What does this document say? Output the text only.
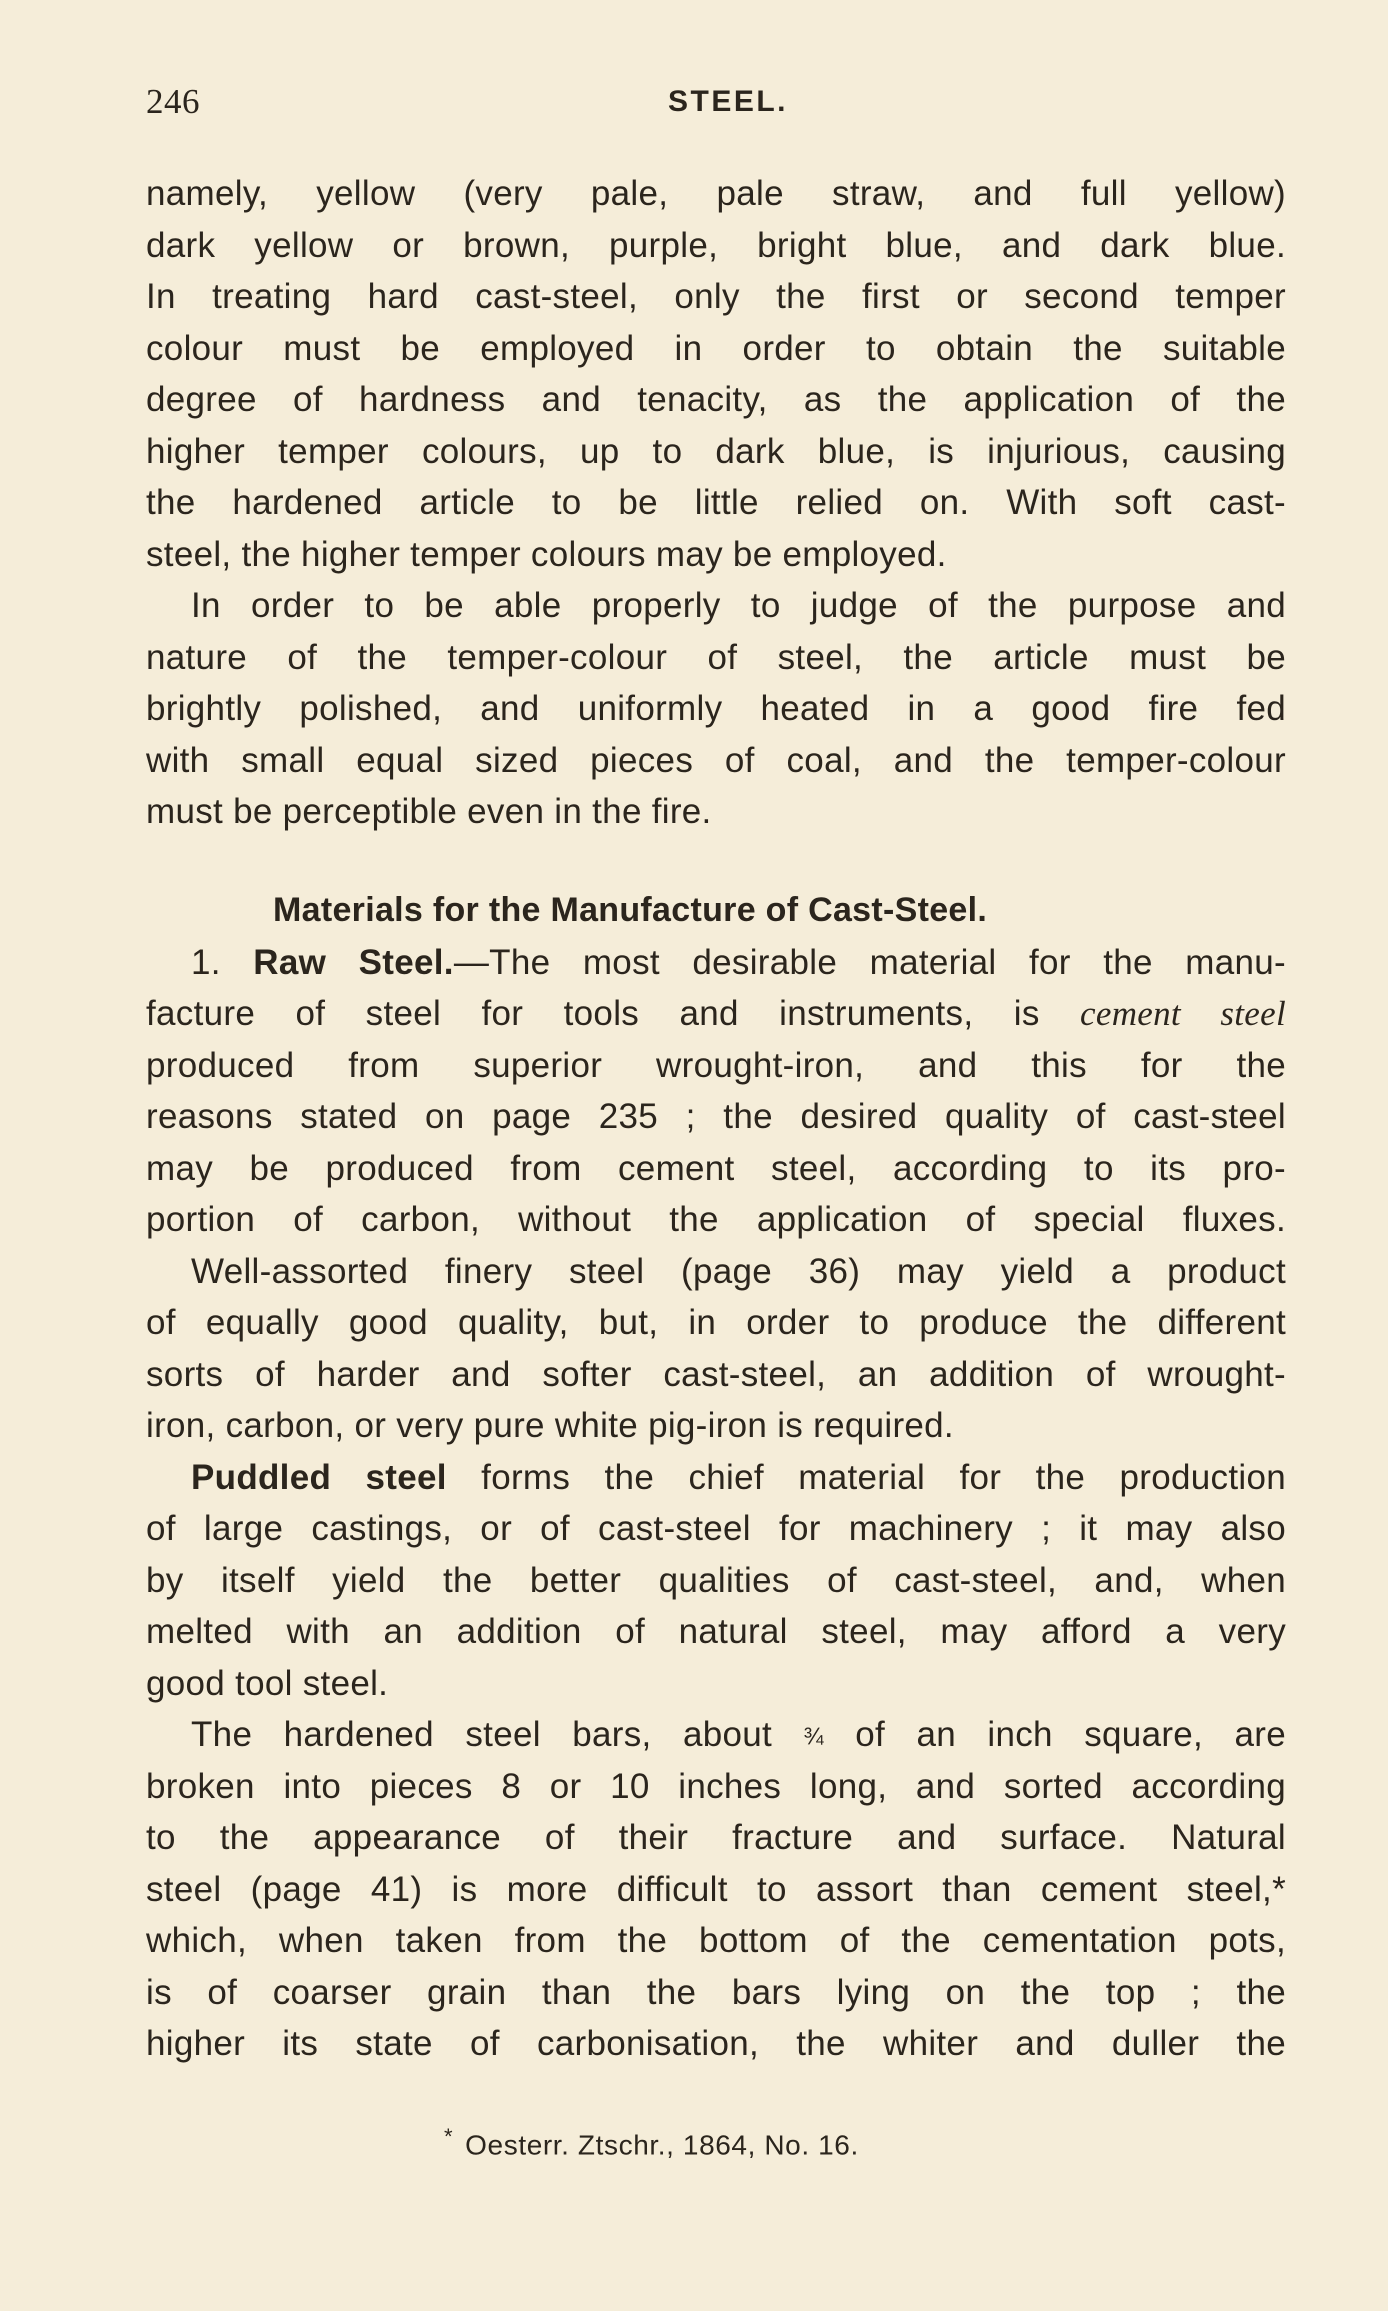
246	STEEL.
namely, yellow (very pale, pale straw, and full yellow)
dark yellow or brown, purple, bright blue, and dark blue.
In treating hard cast-steel, only the first or second temper
colour must be employed in order to obtain the suitable
degree of hardness and tenacity, as the application of the
higher temper colours, up to dark blue, is injurious, causing
the hardened article to be little relied on. With soft cast-
steel, the higher temper colours may be employed.
In order to be able properly to judge of the purpose and
nature of the temper-colour of steel, the article must be
brightly polished, and uniformly heated in a good fire fed
with small equal sized pieces of coal, and the temper-colour
must be perceptible even in the fire.
Materials for the Manufacture of Cast-Steel.
1. Raw Steel.—The most desirable material for the manu-
facture of steel for tools and instruments, is cement steel
produced from superior wrought-iron, and this for the
reasons stated on page 235 ; the desired quality of cast-steel
may be produced from cement steel, according to its pro-
portion of carbon, without the application of special fluxes.
Well-assorted finery steel (page 36) may yield a product
of equally good quality, but, in order to produce the different
sorts of harder and softer cast-steel, an addition of wrought-
iron, carbon, or very pure white pig-iron is required.
Puddled steel forms the chief material for the production
of large castings, or of cast-steel for machinery ; it may also
by itself yield the better qualities of cast-steel, and, when
melted with an addition of natural steel, may afford a very
good tool steel.
The hardened steel bars, about ¾ of an inch square, are
broken into pieces 8 or 10 inches long, and sorted according
to the appearance of their fracture and surface. Natural
steel (page 41) is more difficult to assort than cement steel,*
which, when taken from the bottom of the cementation pots,
is of coarser grain than the bars lying on the top ; the
higher its state of carbonisation, the whiter and duller the
* Oesterr. Ztschr., 1864, No. 16.
